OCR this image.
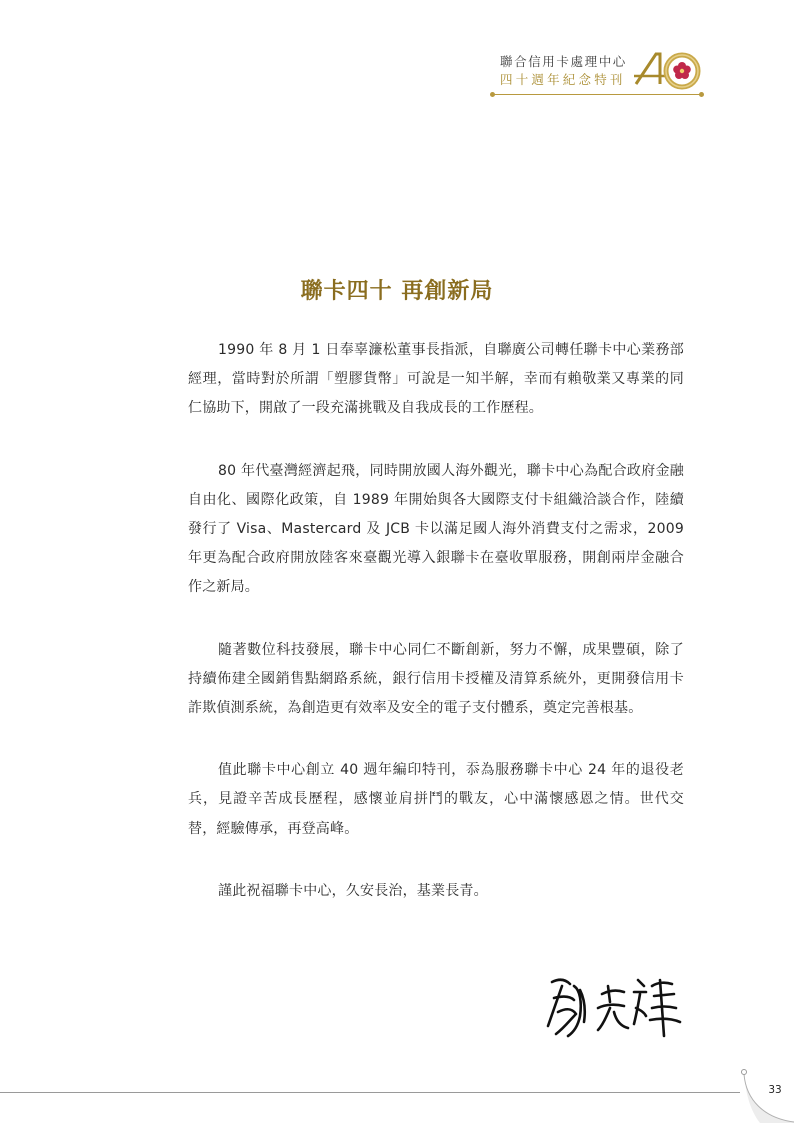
聯合信用卡處理中心
四十週年紀念特刊
聯卡四十 再創新局

1990 年 8 月 1 日奉辜濂松董事長指派，自聯廣公司轉任聯卡中心業務部經理，當時對於所謂「塑膠貨幣」可說是一知半解，幸而有賴敬業又專業的同仁協助下，開啟了一段充滿挑戰及自我成長的工作歷程。

80 年代臺灣經濟起飛，同時開放國人海外觀光，聯卡中心為配合政府金融自由化、國際化政策，自 1989 年開始與各大國際支付卡組織洽談合作，陸續發行了 Visa、Mastercard 及 JCB 卡以滿足國人海外消費支付之需求，2009 年更為配合政府開放陸客來臺觀光導入銀聯卡在臺收單服務，開創兩岸金融合作之新局。

隨著數位科技發展，聯卡中心同仁不斷創新，努力不懈，成果豐碩，除了持續佈建全國銷售點網路系統，銀行信用卡授權及清算系統外，更開發信用卡詐欺偵測系統，為創造更有效率及安全的電子支付體系，奠定完善根基。

值此聯卡中心創立 40 週年編印特刊，忝為服務聯卡中心 24 年的退役老兵，見證辛苦成長歷程，感懷並肩拼鬥的戰友，心中滿懷感恩之情。世代交替，經驗傳承，再登高峰。

謹此祝福聯卡中心，久安長治，基業長青。

33
